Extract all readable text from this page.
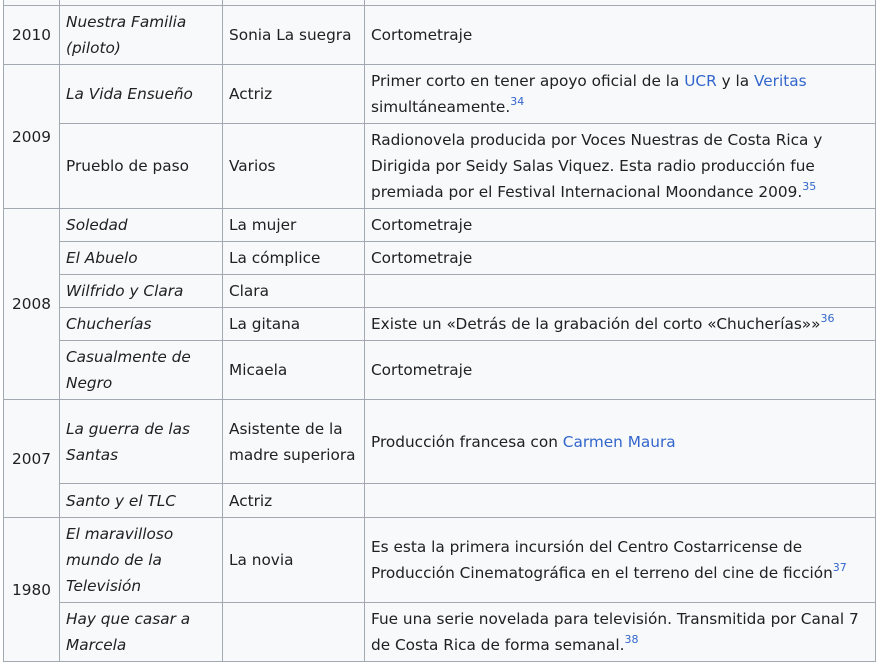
2010	Nuestra Familia (piloto)	Sonia La suegra	Cortometraje
2009	La Vida Ensueño	Actriz	Primer corto en tener apoyo oficial de la UCR y la Veritas simultáneamente.$^{34}$
	Prueblo de paso	Varios	Radionovela producida por Voces Nuestras de Costa Rica y Dirigida por Seidy Salas Viquez. Esta radio producción fue premiada por el Festival Internacional Moondance 2009.35
2008	Soledad	La mujer	Cortometraje
	El Abuelo	La cómplice	Cortometraje
	Wilfrido y Clara	Clara	
	Chucherías	La gitana	Existe un «Detrás de la grabación del corto «Chucherías»»$^{36}$
	Casualmente de Negro	Micaela	Cortometraje
2007	La guerra de las Santas	Asistente de la madre superiora	Producción francesa con Carmen Maura
	Santo y el TLC	Actriz	
1980	El maravilloso mundo de la Televisión	La novia	Es esta la primera incursión del Centro Costarricense de Producción Cinematográfica en el terreno del cine de ficción$^{37}$
	Hay que casar a Marcela		Fue una serie novelada para televisión. Transmitida por Canal 7 de Costa Rica de forma semanal.$^{38}$
